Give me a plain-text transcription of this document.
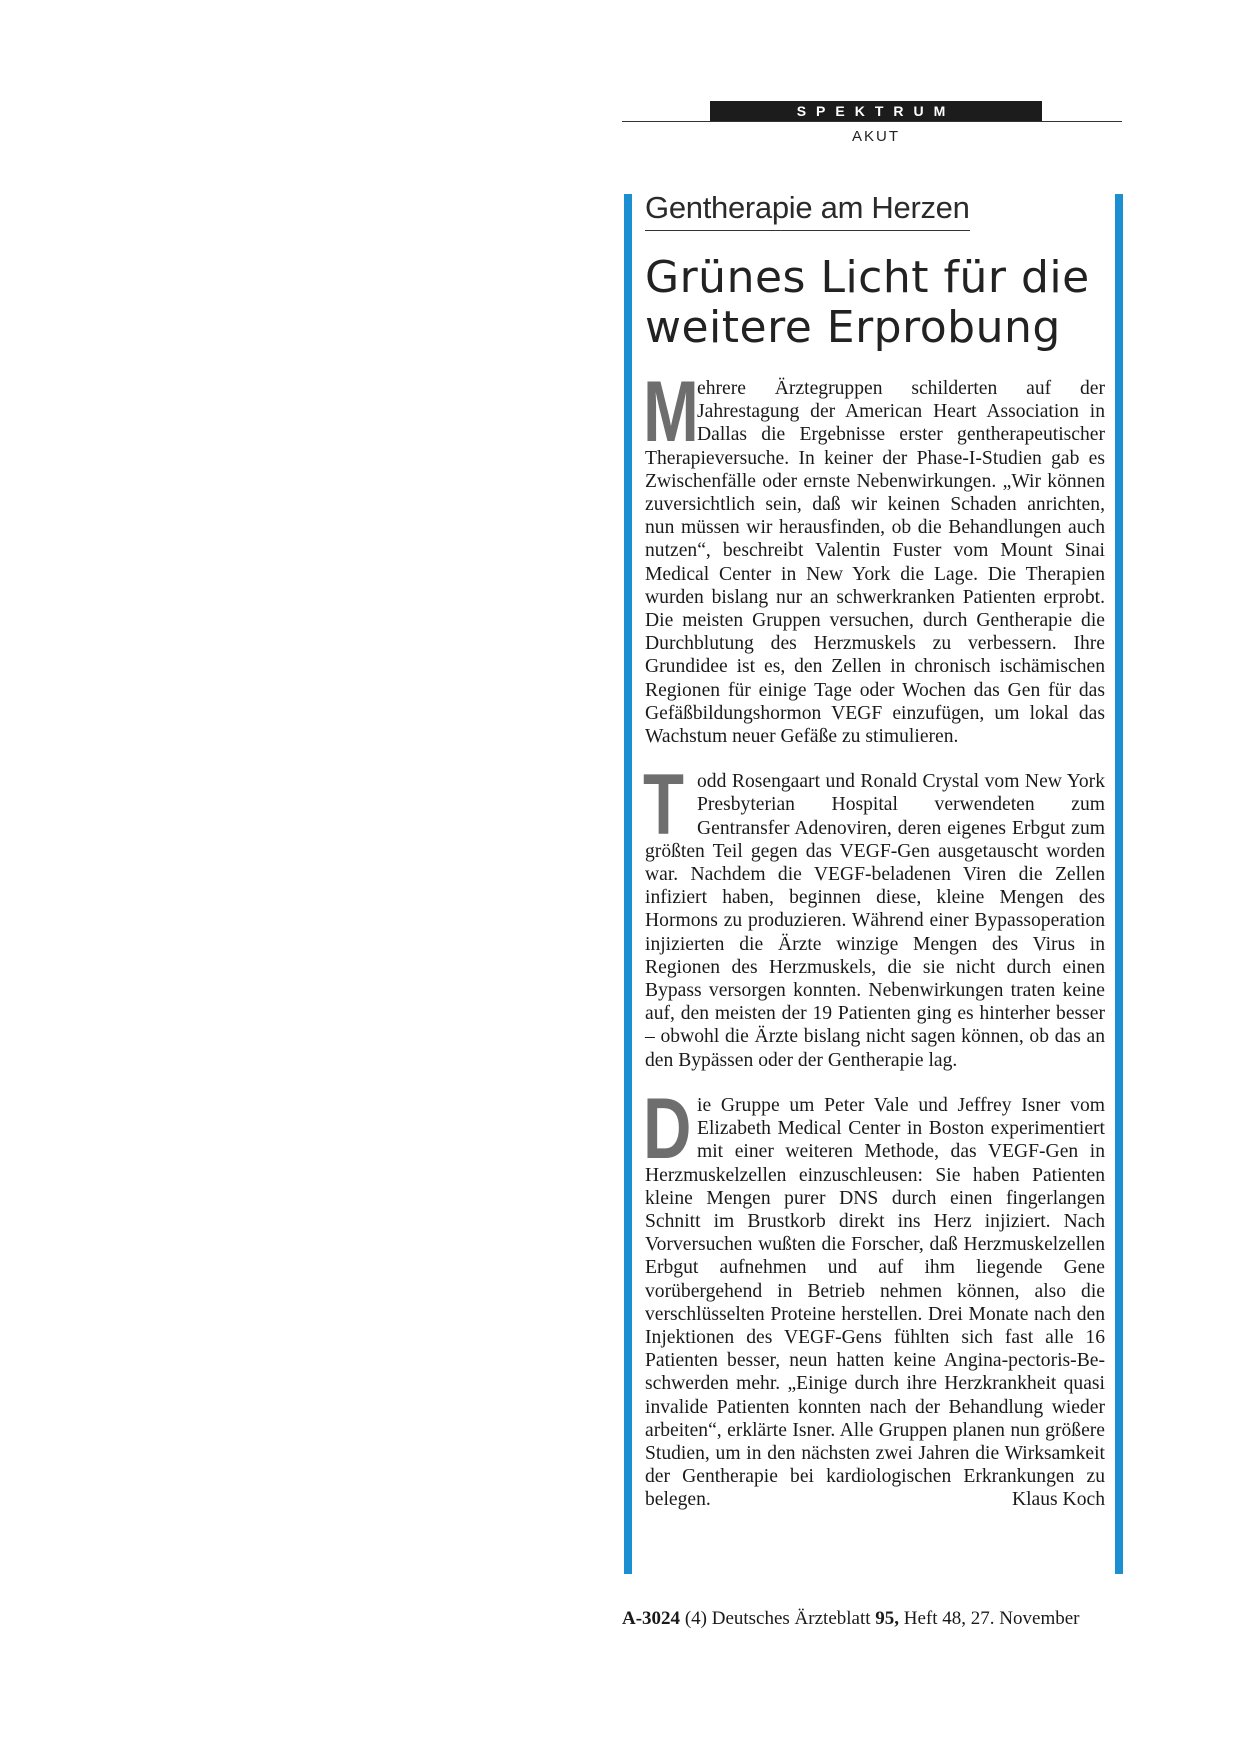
SPEKTRUM
AKUT
Gentherapie am Herzen
Grünes Licht für die
weitere Erprobung

M
ehrere Ärztegruppen schilderten auf der Jahrestagung der American Heart Association in Dallas die Ergebnisse erster gentherapeutischer Therapieversuche. In keiner der Phase-I-Studien gab es Zwischenfälle oder ernste Nebenwirkungen. „Wir können zuversichtlich sein, daß wir keinen Schaden anrichten, nun müssen wir herausfinden, ob die Behandlungen auch nutzen“, beschreibt Valentin Fuster vom Mount Sinai Medical Center in New York die Lage. Die Therapien wurden bislang nur an schwerkranken Patienten erprobt. Die meisten Gruppen versuchen, durch Gentherapie die Durchblutung des Herzmuskels zu verbessern. Ihre Grundidee ist es, den Zellen in chronisch ischämischen Regionen für einige Tage oder Wochen das Gen für das Gefäßbildungshormon VEGF einzufügen, um lokal das Wachstum neuer Gefäße zu stimulieren.

Todd Rosengaart und Ronald Crystal vom New York Presbyterian Hospital verwendeten zum Gentransfer Adenoviren, deren eigenes Erbgut zum größten Teil gegen das VEGF-Gen ausgetauscht worden war. Nachdem die VEGF-beladenen Viren die Zellen infiziert haben, beginnen diese, kleine Mengen des Hormons zu produzieren. Während einer Bypassoperation injizierten die Ärzte winzige Mengen des Virus in Regionen des Herzmuskels, die sie nicht durch einen Bypass versorgen konnten. Nebenwirkungen traten keine auf, den meisten der 19 Patienten ging es hinterher besser – obwohl die Ärzte bislang nicht sagen können, ob das an den Bypässen oder der Gentherapie lag.

Die Gruppe um Peter Vale und Jeffrey Isner vom Elizabeth Medical Center in Boston experimentiert mit einer weiteren Methode, das VEGF-Gen in Herzmuskelzellen einzuschleusen: Sie haben Patienten kleine Mengen purer DNS durch einen fingerlangen Schnitt im Brustkorb direkt ins Herz injiziert. Nach Vorversuchen wußten die Forscher, daß Herzmuskelzellen Erbgut aufnehmen und auf ihm liegende Gene vorübergehend in Betrieb nehmen können, also die verschlüsselten Proteine herstellen. Drei Monate nach den Injektionen des VEGF-Gens fühlten sich fast alle 16 Patienten besser, neun hatten keine Angina-pectoris-Beschwerden mehr. „Einige durch ihre Herzkrankheit quasi invalide Patienten konnten nach der Behandlung wieder arbeiten“, erklärte Isner. Alle Gruppen planen nun größere Studien, um in den nächsten zwei Jahren die Wirksamkeit der Gentherapie bei kardiologischen Erkrankungen zu belegen.	Klaus Koch

A-3024 (4) Deutsches Ärzteblatt 95, Heft 48, 27. November
